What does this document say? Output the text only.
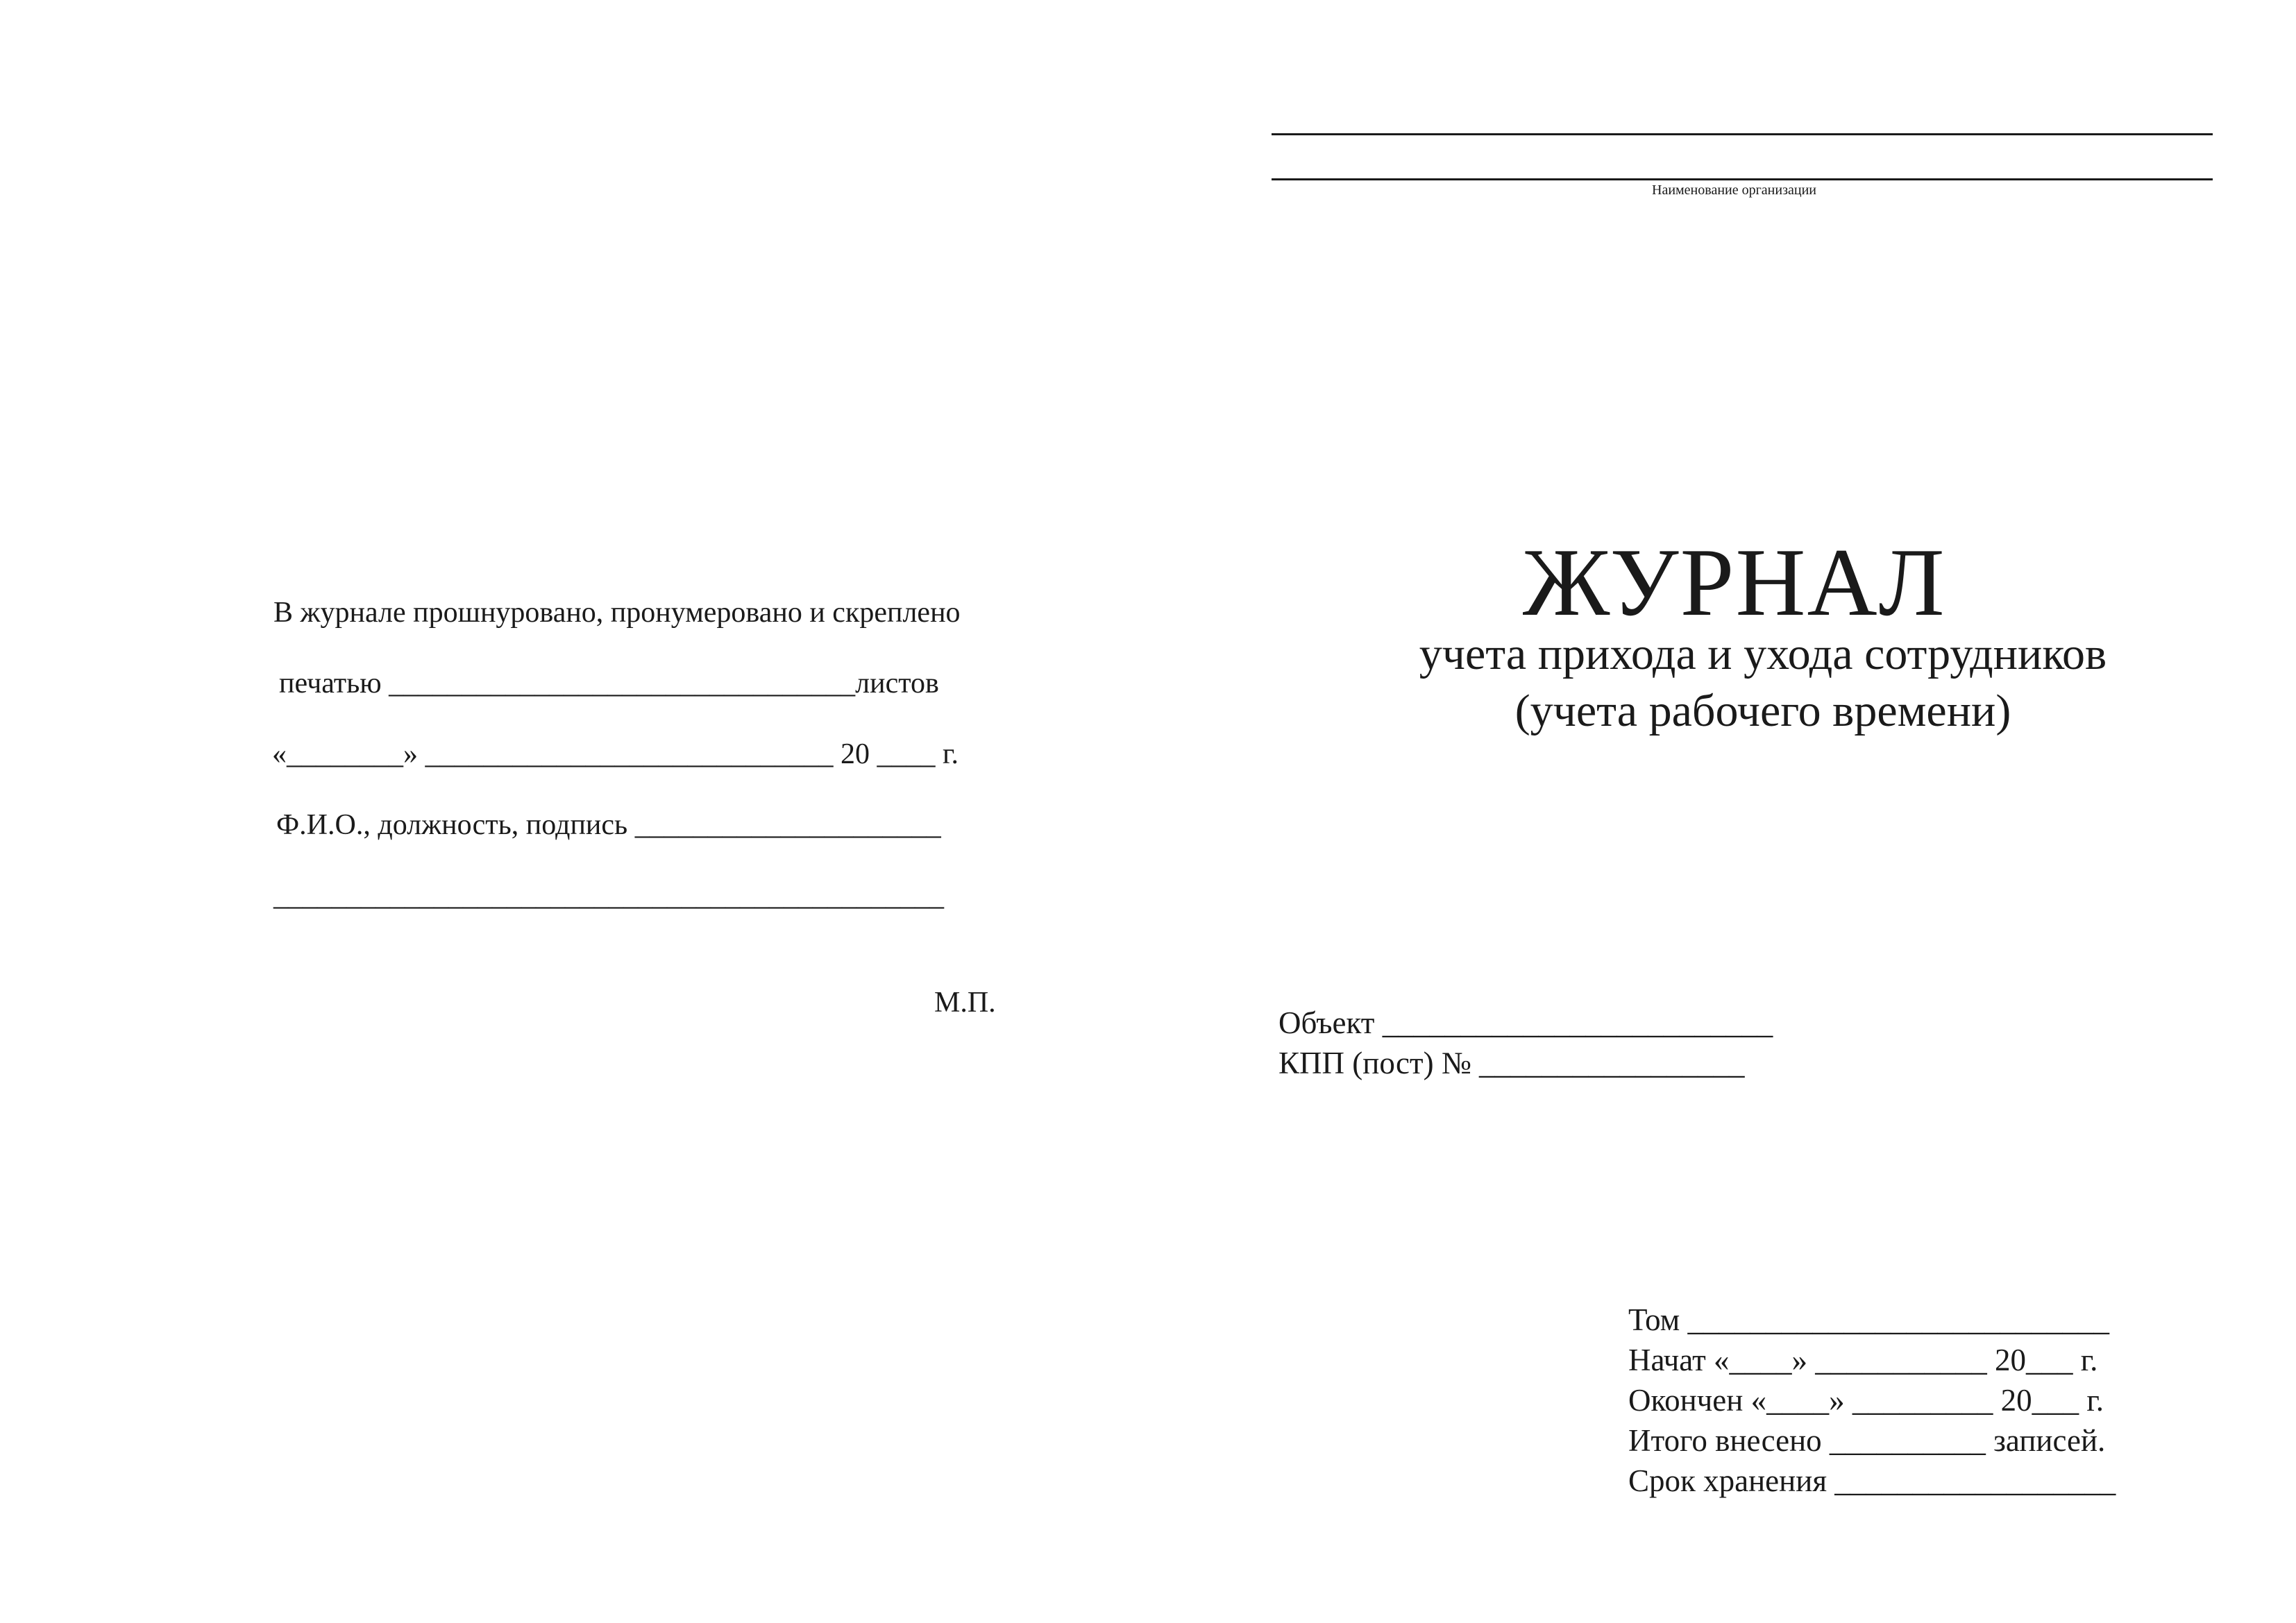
В журнале прошнуровано, пронумеровано и скреплено
печатью ________________________________листов
«________» ____________________________ 20 ____ г.
Ф.И.О., должность, подпись _____________________
______________________________________________
М.П.
Наименование организации
ЖУРНАЛ
учета прихода и ухода сотрудников
(учета рабочего времени)
Объект _________________________
КПП (пост) № _________________
Том ___________________________
Начат «____» ___________ 20___ г.
Окончен «____» _________ 20___ г.
Итого внесено __________ записей.
Срок хранения __________________
